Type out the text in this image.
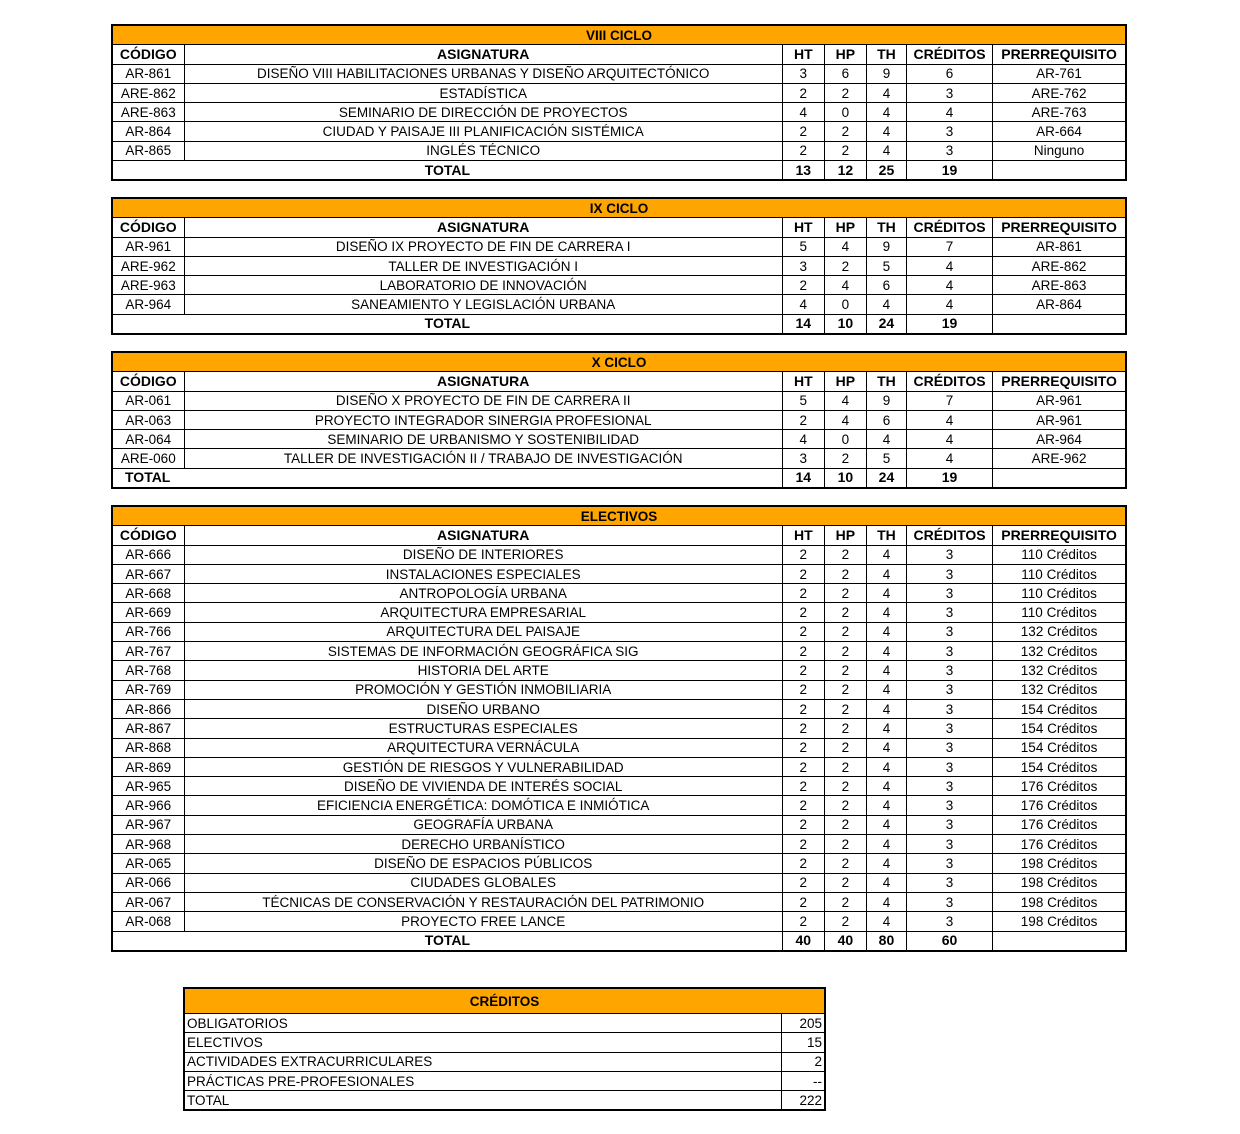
VIII CICLO						
CÓDIGO	ASIGNATURA	HT	HP	TH	CRÉDITOS	PRERREQUISITO
AR-861	DISEÑO VIII HABILITACIONES URBANAS Y DISEÑO ARQUITECTÓNICO	3	6	9	6	AR-761
ARE-862	ESTADÍSTICA	2	2	4	3	ARE-762
ARE-863	SEMINARIO DE DIRECCIÓN DE PROYECTOS	4	0	4	4	ARE-763
AR-864	CIUDAD Y PAISAJE III PLANIFICACIÓN SISTÉMICA	2	2	4	3	AR-664
AR-865	INGLÉS TÉCNICO	2	2	4	3	Ninguno
TOTAL		13	12	25	19	
IX CICLO						
CÓDIGO	ASIGNATURA	HT	HP	TH	CRÉDITOS	PRERREQUISITO
AR-961	DISEÑO IX PROYECTO DE FIN DE CARRERA I	5	4	9	7	AR-861
ARE-962	TALLER DE INVESTIGACIÓN I	3	2	5	4	ARE-862
ARE-963	LABORATORIO DE INNOVACIÓN	2	4	6	4	ARE-863
AR-964	SANEAMIENTO Y LEGISLACIÓN URBANA	4	0	4	4	AR-864
TOTAL		14	10	24	19	
X CICLO						
CÓDIGO	ASIGNATURA	HT	HP	TH	CRÉDITOS	PRERREQUISITO
AR-061	DISEÑO X PROYECTO DE FIN DE CARRERA II	5	4	9	7	AR-961
AR-063	PROYECTO INTEGRADOR SINERGIA PROFESIONAL	2	4	6	4	AR-961
AR-064	SEMINARIO DE URBANISMO Y SOSTENIBILIDAD	4	0	4	4	AR-964
ARE-060	TALLER DE INVESTIGACIÓN II / TRABAJO DE INVESTIGACIÓN	3	2	5	4	ARE-962
TOTAL		14	10	24	19	
ELECTIVOS						
CÓDIGO	ASIGNATURA	HT	HP	TH	CRÉDITOS	PRERREQUISITO
AR-666	DISEÑO DE INTERIORES	2	2	4	3	110 Créditos
AR-667	INSTALACIONES ESPECIALES	2	2	4	3	110 Créditos
AR-668	ANTROPOLOGÍA URBANA	2	2	4	3	110 Créditos
AR-669	ARQUITECTURA EMPRESARIAL	2	2	4	3	110 Créditos
AR-766	ARQUITECTURA DEL PAISAJE	2	2	4	3	132 Créditos
AR-767	SISTEMAS DE INFORMACIÓN GEOGRÁFICA SIG	2	2	4	3	132 Créditos
AR-768	HISTORIA DEL ARTE	2	2	4	3	132 Créditos
AR-769	PROMOCIÓN Y GESTIÓN INMOBILIARIA	2	2	4	3	132 Créditos
AR-866	DISEÑO URBANO	2	2	4	3	154 Créditos
AR-867	ESTRUCTURAS ESPECIALES	2	2	4	3	154 Créditos
AR-868	ARQUITECTURA VERNÁCULA	2	2	4	3	154 Créditos
AR-869	GESTIÓN DE RIESGOS Y VULNERABILIDAD	2	2	4	3	154 Créditos
AR-965	DISEÑO DE VIVIENDA DE INTERÉS SOCIAL	2	2	4	3	176 Créditos
AR-966	EFICIENCIA ENERGÉTICA: DOMÓTICA E INMIÓTICA	2	2	4	3	176 Créditos
AR-967	GEOGRAFÍA URBANA	2	2	4	3	176 Créditos
AR-968	DERECHO URBANÍSTICO	2	2	4	3	176 Créditos
AR-065	DISEÑO DE ESPACIOS PÚBLICOS	2	2	4	3	198 Créditos
AR-066	CIUDADES GLOBALES	2	2	4	3	198 Créditos
AR-067	TÉCNICAS DE CONSERVACIÓN Y RESTAURACIÓN DEL PATRIMONIO	2	2	4	3	198 Créditos
AR-068	PROYECTO FREE LANCE	2	2	4	3	198 Créditos
TOTAL		40	40	80	60	
CRÉDITOS	
OBLIGATORIOS	205
ELECTIVOS	15
ACTIVIDADES EXTRACURRICULARES	2
PRÁCTICAS PRE-PROFESIONALES	--
TOTAL	222
